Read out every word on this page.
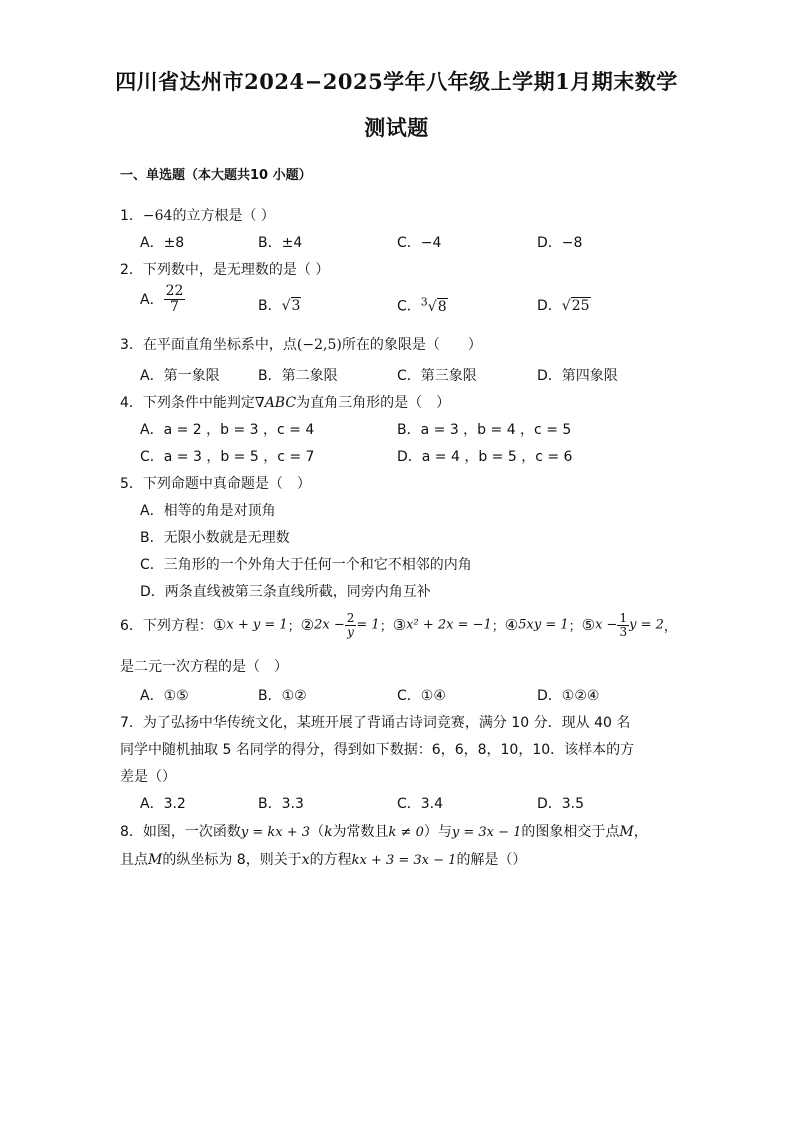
四川省达州市2024−2025学年八年级上学期1月期末数学
测试题
一、单选题（本大题共10 小题）
1．−64的立方根是（ ）
A．±8	B．±4	C．−4	D．−8
2．下列数中，是无理数的是（ ）
A． $\frac{22}{7}$	B．√3	C．$^3$√8	D．√25
3．在平面直角坐标系中，点(−2,5)所在的象限是（　　）
A．第一象限	B．第二象限	C．第三象限	D．第四象限
4．下列条件中能判定∇ABC为直角三角形的是（　）
A．a = 2 ，b = 3 ，c = 4	B．a = 3 ，b = 4 ，c = 5
C．a = 3 ，b = 5 ，c = 7	D．a = 4 ，b = 5 ，c = 6
5．下列命题中真命题是（　）
A．相等的角是对顶角
B．无限小数就是无理数
C．三角形的一个外角大于任何一个和它不相邻的内角
D．两条直线被第三条直线所截，同旁内角互补
6．下列方程：①x + y = 1；②2x − $\frac{2}{y} = 1$；③x² + 2x = −1；④5xy = 1；⑤x − $\frac{1}{3}$ y = 2，
是二元一次方程的是（　）
A．①⑤	B．①②	C．①④	D．①②④
7．为了弘扬中华传统文化，某班开展了背诵古诗词竞赛，满分 10 分．现从 40 名
同学中随机抽取 5 名同学的得分，得到如下数据：6，6，8，10，10．该样本的方
差是（）
A．3.2	B．3.3	C．3.4	D．3.5
8．如图，一次函数y = kx + 3（k为常数且k ≠ 0）与y = 3x − 1的图象相交于点M，
且点M的纵坐标为 8，则关于x的方程kx + 3 = 3x − 1的解是（）
